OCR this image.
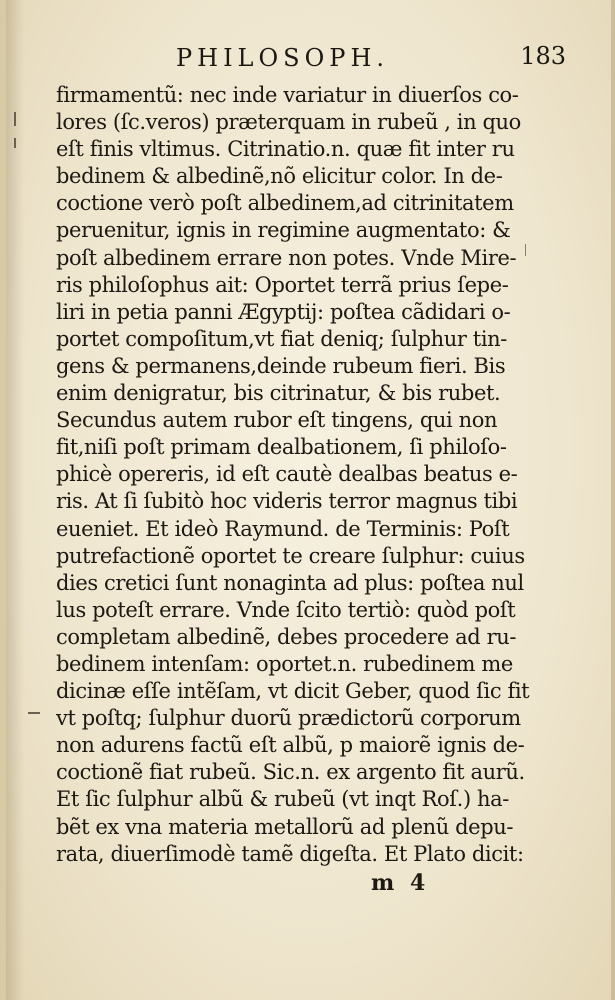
PHILOSOPH.	183
firmamentũ: nec inde variatur in diuerſos co-
lores (ſc.veros) præterquam in rubeũ , in quo
eſt finis vltimus. Citrinatio.n. quæ fit inter ru
bedinem & albedinẽ,nõ elicitur color. In de-
coctione verò poſt albedinem,ad citrinitatem
peruenitur, ignis in regimine augmentato: &
poſt albedinem errare non potes. Vnde Mire-
ris philoſophus ait: Oportet terrã prius ſepe-
liri in petia panni Ægyptij: poſtea cãdidari o-
portet compoſitum,vt fiat deniq; ſulphur tin-
gens & permanens,deinde rubeum fieri. Bis
enim denigratur, bis citrinatur, & bis rubet.
Secundus autem rubor eſt tingens, qui non
fit,niſi poſt primam dealbationem, ſi philoſo-
phicè opereris, id eſt cautè dealbas beatus e-
ris. At ſi ſubitò hoc videris terror magnus tibi
eueniet. Et ideò Raymund. de Terminis: Poſt
putrefactionẽ oportet te creare ſulphur: cuius
dies cretici ſunt nonaginta ad plus: poſtea nul
lus poteſt errare. Vnde ſcito tertiò: quòd poſt
completam albedinẽ, debes procedere ad ru-
bedinem intenſam: oportet.n. rubedinem me
dicinæ eſſe intẽſam, vt dicit Geber, quod ſic fit
vt poſtq; ſulphur duorũ prædictorũ corporum
non adurens factũ eſt albũ, p maiorẽ ignis de-
coctionẽ fiat rubeũ. Sic.n. ex argento fit aurũ.
Et ſic ſulphur albũ & rubeũ (vt inqt Roſ.) ha-
bẽt ex vna materia metallorũ ad plenũ depu-
rata, diuerſimodè tamẽ digeſta. Et Plato dicit:
m 4
